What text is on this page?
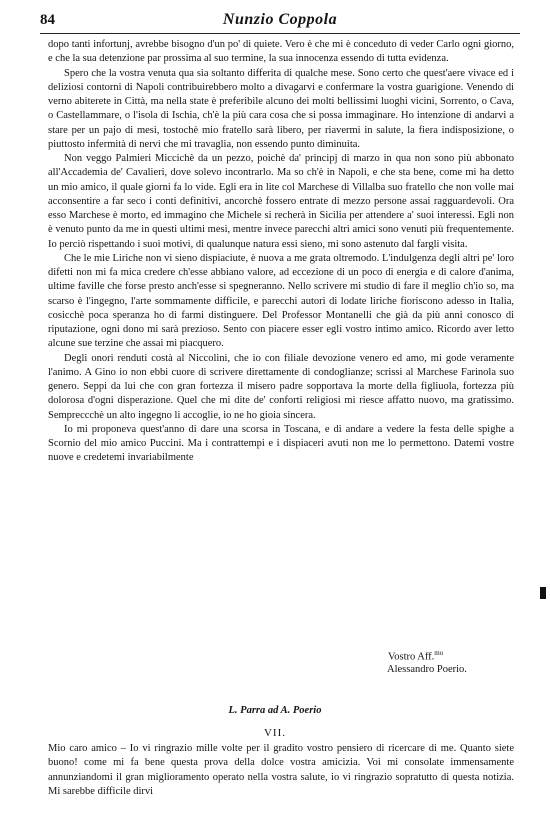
84	Nunzio Coppola

dopo tanti infortunj, avrebbe bisogno d'un po' di quiete. Vero è che mi è conceduto di veder Carlo ogni giorno, e che la sua detenzione par prossima al suo termine, la sua innocenza essendo di tutta evidenza.

Spero che la vostra venuta qua sia soltanto differita di qualche mese. Sono certo che quest'aere vivace ed i deliziosi contorni di Napoli contribuirebbero molto a divagarvi e confermare la vostra guarigione. Venendo di verno abiterete in Città, ma nella state è preferibile alcuno dei molti bellissimi luoghi vicini, Sorrento, o Cava, o Castellammare, o l'isola di Ischia, ch'è la più cara cosa che si possa immaginare. Ho intenzione di andarvi a stare per un pajo di mesi, tostochè mio fratello sarà libero, per riavermi in salute, la fiera indisposizione, o piuttosto infermità di nervi che mi travaglia, non essendo punto diminuita.

Non veggo Palmieri Miccichè da un pezzo, poichè da' principj di marzo in qua non sono più abbonato all'Accademia de' Cavalieri, dove solevo incontrarlo. Ma so ch'è in Napoli, e che sta bene, come mi ha detto un mio amico, il quale giorni fa lo vide. Egli era in lite col Marchese di Villalba suo fratello che non volle mai acconsentire a far seco i conti definitivi, ancorchè fossero entrate di mezzo persone assai ragguardevoli. Ora esso Marchese è morto, ed immagino che Michele si recherà in Sicilia per attendere a' suoi interessi. Egli non è venuto punto da me in questi ultimi mesi, mentre invece parecchi altri amici sono venuti più frequentemente. Io perciò rispettando i suoi motivi, di qualunque natura essi sieno, mi sono astenuto dal fargli visita.

Che le mie Liriche non vi sieno dispiaciute, è nuova a me grata oltremodo. L'indulgenza degli altri pe' loro difetti non mi fa mica credere ch'esse abbiano valore, ad eccezione di un poco di energia e di calore d'anima, ultime faville che forse presto anch'esse si spegneranno. Nello scrivere mi studio di fare il meglio ch'io so, ma scarso è l'ingegno, l'arte sommamente difficile, e parecchi autori di lodate liriche fioriscono adesso in Italia, cosicchè poca speranza ho di farmi distinguere. Del Professor Montanelli che già da più anni conosco di riputazione, ogni dono mi sarà prezioso. Sento con piacere esser egli vostro intimo amico. Ricordo aver letto alcune sue terzine che assai mi piacquero.

Degli onori renduti costà al Niccolini, che io con filiale devozione venero ed amo, mi gode veramente l'animo. A Gino io non ebbi cuore di scrivere direttamente di condoglianze; scrissi al Marchese Farinola suo genero. Seppi da lui che con gran fortezza il misero padre sopportava la morte della figliuola, fortezza più dolorosa d'ogni disperazione. Quel che mi dite de' conforti religiosi mi riesce affatto nuovo, ma gratissimo. Sempreccchè un alto ingegno li accoglie, io ne ho gioia sincera.

Io mi proponeva quest'anno di dare una scorsa in Toscana, e di andare a vedere la festa delle spighe a Scornio del mio amico Puccini. Ma i contrattempi e i dispiaceri avuti non me lo permettono. Datemi vostre nuove e credetemi invariabilmente

Vostro Aff.$^{mo}$
Alessandro Poerio.
L. Parra ad A. Poerio
VII.

Mio caro amico – Io vi ringrazio mille volte per il gradito vostro pensiero di ricercare di me. Quanto siete buono! come mi fa bene questa prova della dolce vostra amicizia. Voi mi consolate immensamente annunziandomi il gran miglioramento operato nella vostra salute, io vi ringrazio sopratutto di questa notizia. Mi sarebbe difficile dirvi
